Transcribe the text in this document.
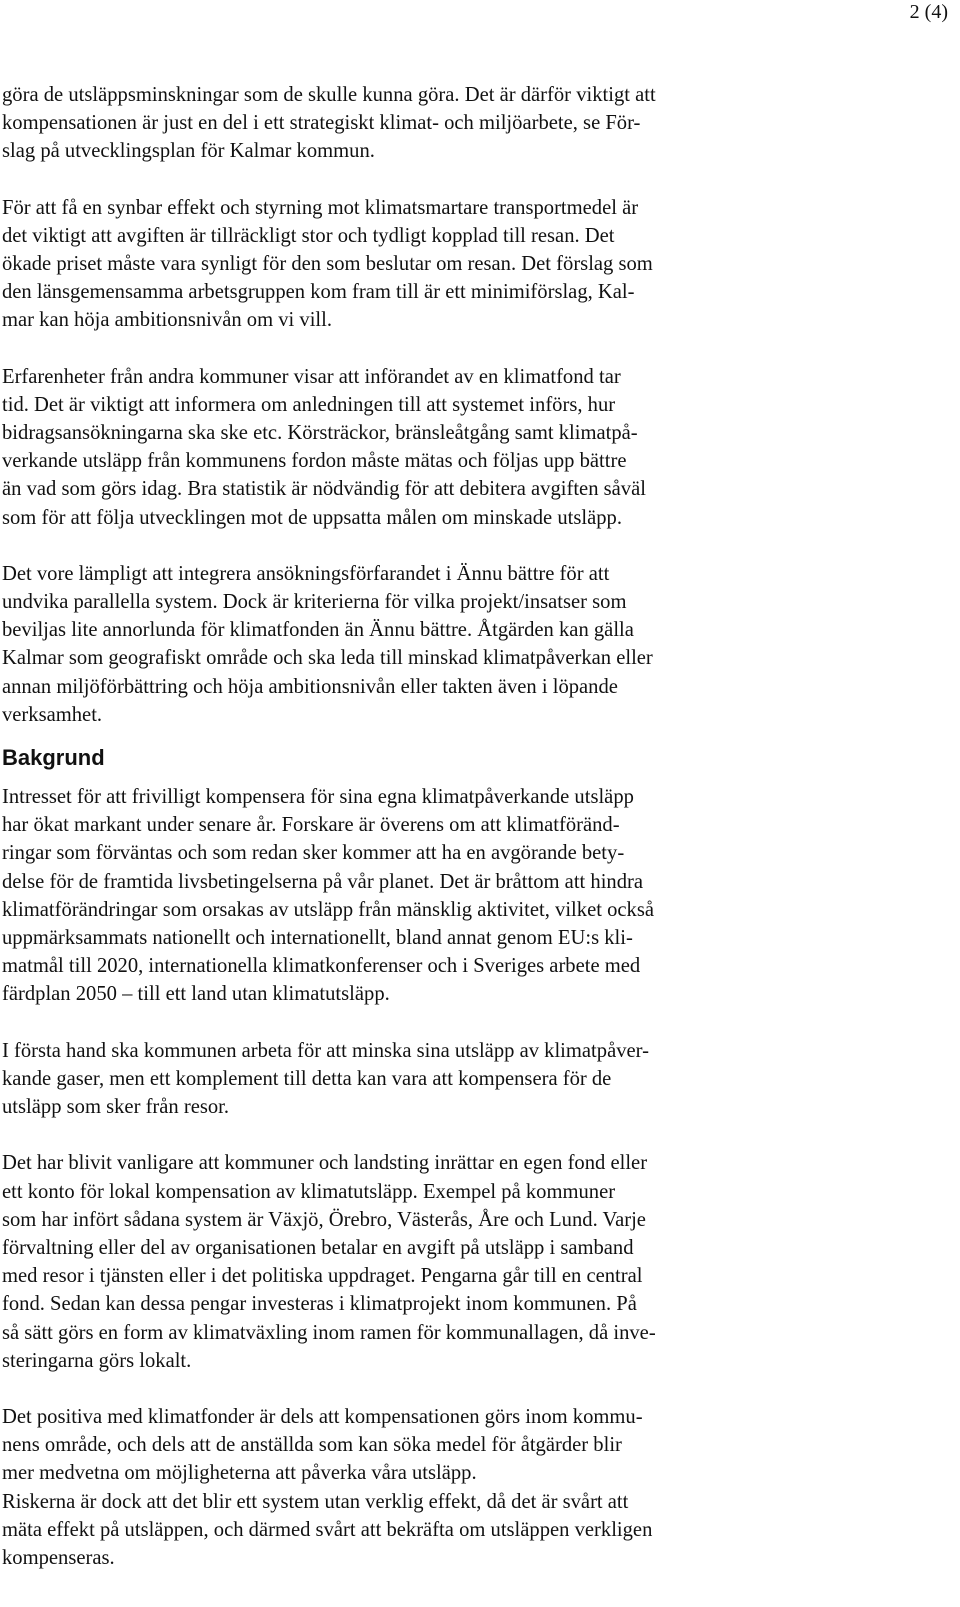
2 (4)

göra de utsläppsminskningar som de skulle kunna göra. Det är därför viktigt att
kompensationen är just en del i ett strategiskt klimat- och miljöarbete, se För-
slag på utvecklingsplan för Kalmar kommun.

För att få en synbar effekt och styrning mot klimatsmartare transportmedel är
det viktigt att avgiften är tillräckligt stor och tydligt kopplad till resan. Det
ökade priset måste vara synligt för den som beslutar om resan. Det förslag som
den länsgemensamma arbetsgruppen kom fram till är ett minimiförslag, Kal-
mar kan höja ambitionsnivån om vi vill.

Erfarenheter från andra kommuner visar att införandet av en klimatfond tar
tid. Det är viktigt att informera om anledningen till att systemet införs, hur
bidragsansökningarna ska ske etc. Körsträckor, bränsleåtgång samt klimatpå-
verkande utsläpp från kommunens fordon måste mätas och följas upp bättre
än vad som görs idag. Bra statistik är nödvändig för att debitera avgiften såväl
som för att följa utvecklingen mot de uppsatta målen om minskade utsläpp.

Det vore lämpligt att integrera ansökningsförfarandet i Ännu bättre för att
undvika parallella system. Dock är kriterierna för vilka projekt/insatser som
beviljas lite annorlunda för klimatfonden än Ännu bättre. Åtgärden kan gälla
Kalmar som geografiskt område och ska leda till minskad klimatpåverkan eller
annan miljöförbättring och höja ambitionsnivån eller takten även i löpande
verksamhet.

Bakgrund

Intresset för att frivilligt kompensera för sina egna klimatpåverkande utsläpp
har ökat markant under senare år. Forskare är överens om att klimatföränd-
ringar som förväntas och som redan sker kommer att ha en avgörande bety-
delse för de framtida livsbetingelserna på vår planet. Det är bråttom att hindra
klimatförändringar som orsakas av utsläpp från mänsklig aktivitet, vilket också
uppmärksammats nationellt och internationellt, bland annat genom EU:s kli-
matmål till 2020, internationella klimatkonferenser och i Sveriges arbete med
färdplan 2050 – till ett land utan klimatutsläpp.

I första hand ska kommunen arbeta för att minska sina utsläpp av klimatpåver-
kande gaser, men ett komplement till detta kan vara att kompensera för de
utsläpp som sker från resor.

Det har blivit vanligare att kommuner och landsting inrättar en egen fond eller
ett konto för lokal kompensation av klimatutsläpp. Exempel på kommuner
som har infört sådana system är Växjö, Örebro, Västerås, Åre och Lund. Varje
förvaltning eller del av organisationen betalar en avgift på utsläpp i samband
med resor i tjänsten eller i det politiska uppdraget. Pengarna går till en central
fond. Sedan kan dessa pengar investeras i klimatprojekt inom kommunen. På
så sätt görs en form av klimatväxling inom ramen för kommunallagen, då inve-
steringarna görs lokalt.

Det positiva med klimatfonder är dels att kompensationen görs inom kommu-
nens område, och dels att de anställda som kan söka medel för åtgärder blir
mer medvetna om möjligheterna att påverka våra utsläpp.

Riskerna är dock att det blir ett system utan verklig effekt, då det är svårt att
mäta effekt på utsläppen, och därmed svårt att bekräfta om utsläppen verkligen
kompenseras.
